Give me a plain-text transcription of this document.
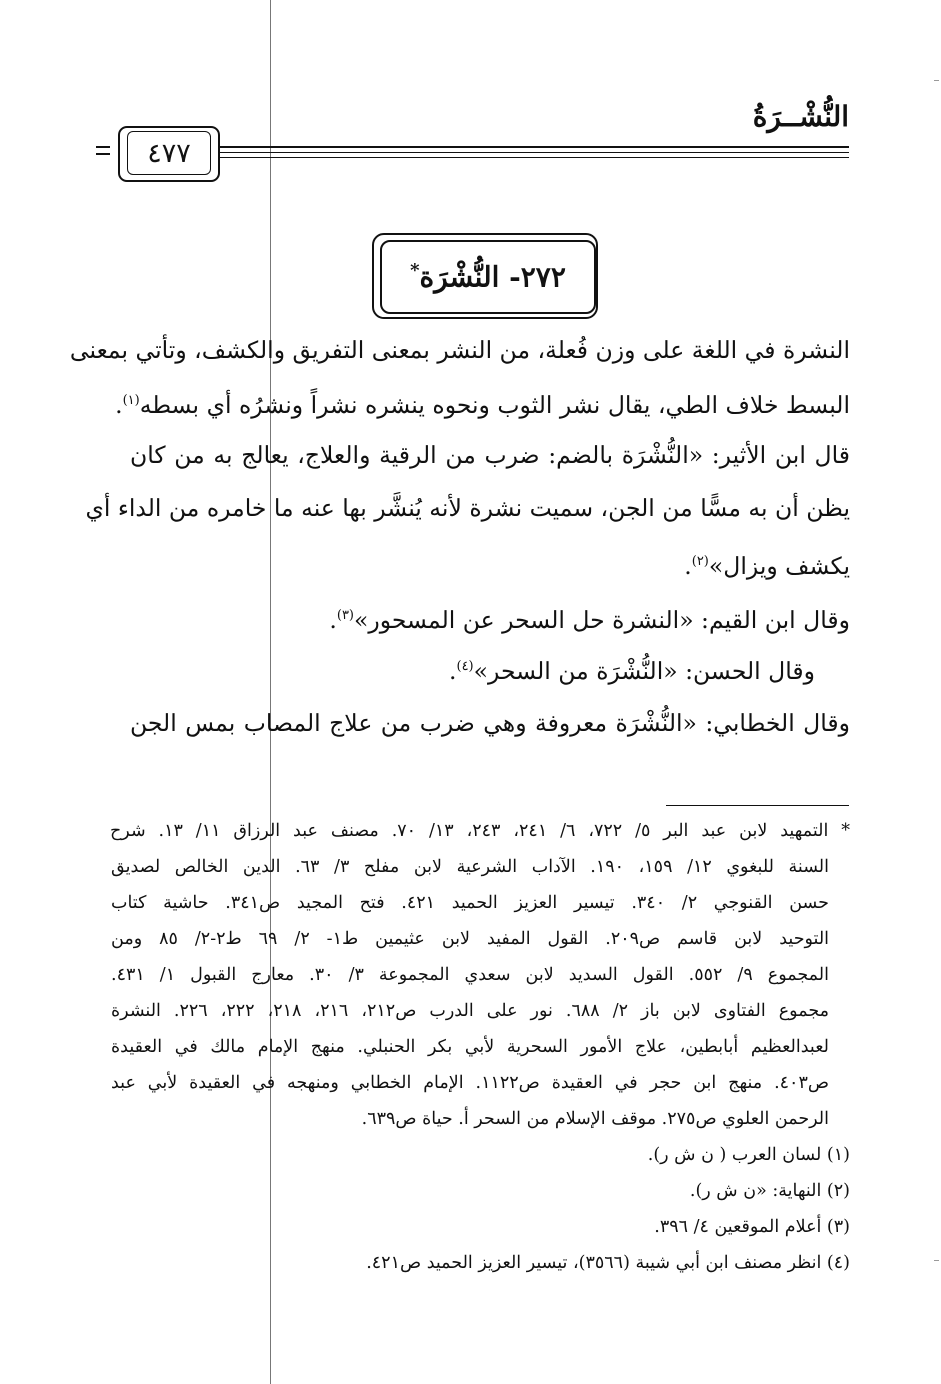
النُّشْــرَةُ
٤٧٧
٢٧٢- النُّشْرَة*
النشرة في اللغة على وزن فُعلة، من النشر بمعنى التفريق والكشف، وتأتي بمعنى
البسط خلاف الطي، يقال نشر الثوب ونحوه ينشره نشراً ونشرُه أي بسطه$^{(١)}$.
قال ابن الأثير: «النُّشْرَة بالضم: ضرب من الرقية والعلاج، يعالج به من كان
يظن أن به مسًّا من الجن، سميت نشرة لأنه يُنشَّر بها عنه ما خامره من الداء أي
يكشف ويزال»$^{(٢)}$.
وقال ابن القيم: «النشرة حل السحر عن المسحور»$^{(٣)}$.
وقال الحسن: «النُّشْرَة من السحر»$^{(٤)}$.
وقال الخطابي: «النُّشْرَة معروفة وهي ضرب من علاج المصاب بمس الجن
* التمهيد لابن عبد البر ٥/ ٧٢٢، ٦/ ٢٤١، ٢٤٣، ١٣/ ٧٠. مصنف عبد الرزاق ١١/ ١٣. شرح
السنة للبغوي ١٢/ ١٥٩، ١٩٠. الآداب الشرعية لابن مفلح ٣/ ٦٣. الدين الخالص لصديق
حسن القنوجي ٢/ ٣٤٠. تيسير العزيز الحميد ٤٢١. فتح المجيد ص٣٤١. حاشية كتاب
التوحيد لابن قاسم ص٢٠٩. القول المفيد لابن عثيمين ط١- ٢/ ٦٩ ط٢-٢/ ٨٥ ومن
المجموع ٩/ ٥٥٢. القول السديد لابن سعدي المجموعة ٣/ ٣٠. معارج القبول ١/ ٤٣١.
مجموع الفتاوى لابن باز ٢/ ٦٨٨. نور على الدرب ص٢١٢، ٢١٦، ٢١٨، ٢٢٢، ٢٢٦. النشرة
لعبدالعظيم أبابطين، علاج الأمور السحرية لأبي بكر الحنبلي. منهج الإمام مالك في العقيدة
ص٤٠٣. منهج ابن حجر في العقيدة ص١١٢٢. الإمام الخطابي ومنهجه في العقيدة لأبي عبد
الرحمن العلوي ص٢٧٥. موقف الإسلام من السحر أ. حياة ص٦٣٩.
(١) لسان العرب ( ن ش ر).
(٢) النهاية: «ن ش ر).
(٣) أعلام الموقعين ٤/ ٣٩٦.
(٤) انظر مصنف ابن أبي شيبة (٣٥٦٦)، تيسير العزيز الحميد ص٤٢١.
